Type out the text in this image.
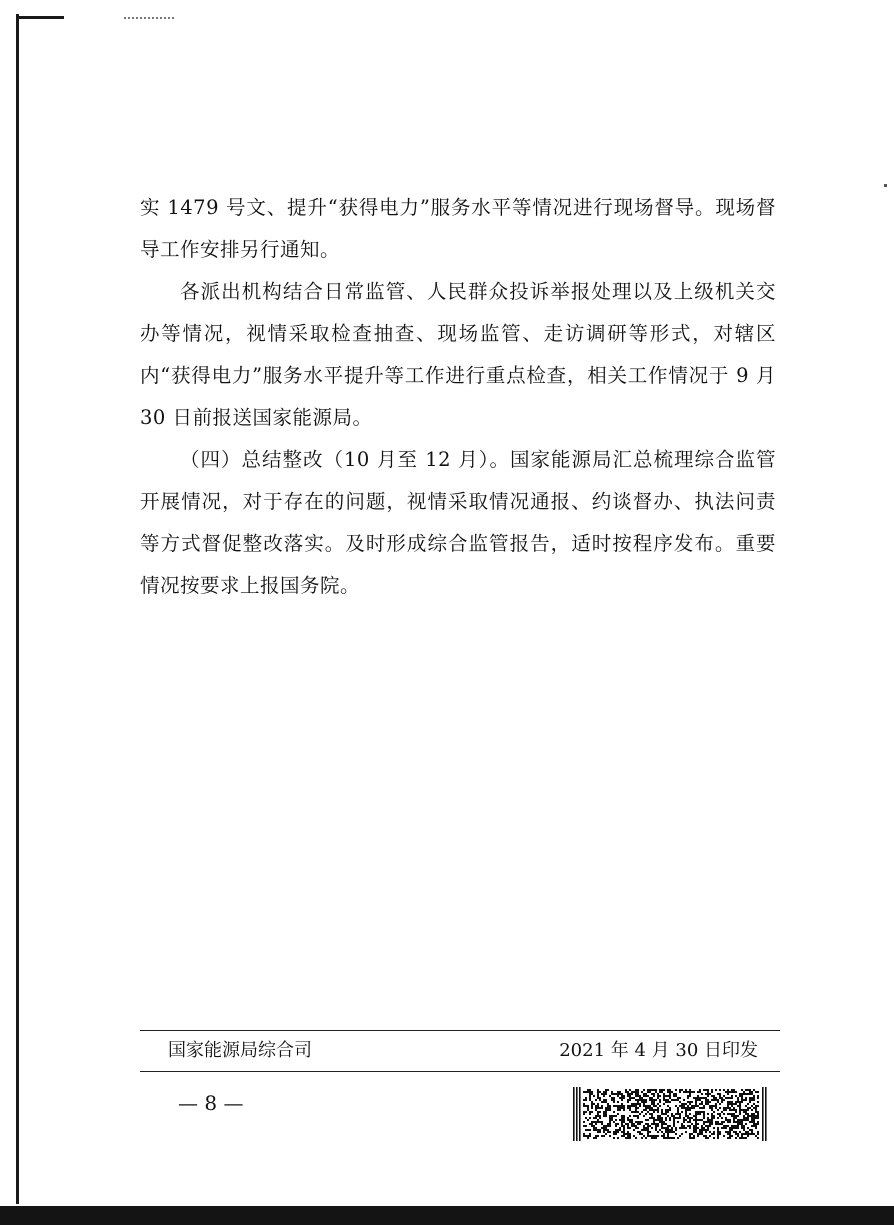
实 1479 号文、提升“获得电力”服务水平等情况进行现场督导。现场督导工作安排另行通知。

各派出机构结合日常监管、人民群众投诉举报处理以及上级机关交办等情况，视情采取检查抽查、现场监管、走访调研等形式，对辖区内“获得电力”服务水平提升等工作进行重点检查，相关工作情况于 9 月 30 日前报送国家能源局。

（四）总结整改（10 月至 12 月）。国家能源局汇总梳理综合监管开展情况，对于存在的问题，视情采取情况通报、约谈督办、执法问责等方式督促整改落实。及时形成综合监管报告，适时按程序发布。重要情况按要求上报国务院。

国家能源局综合司	2021 年 4 月 30 日印发
— 8 —
